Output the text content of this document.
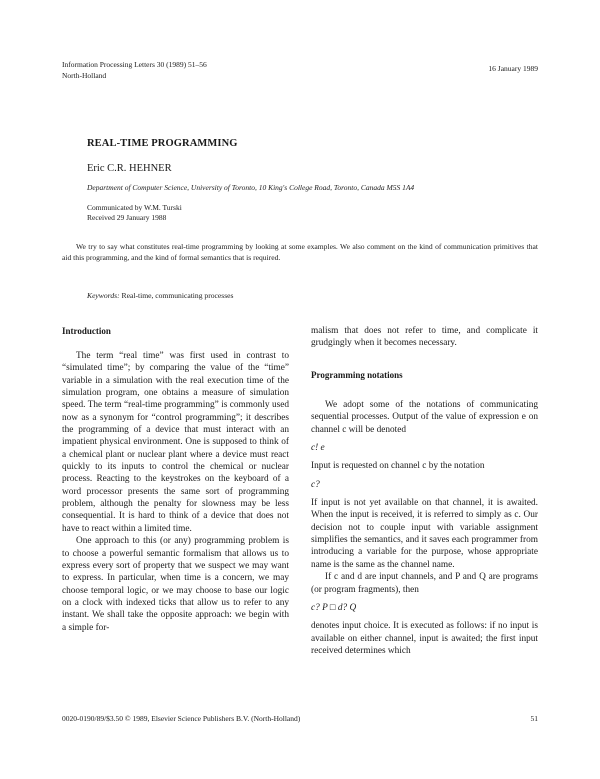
Information Processing Letters 30 (1989) 51–56
North-Holland
16 January 1989
REAL-TIME PROGRAMMING
Eric C.R. HEHNER
Department of Computer Science, University of Toronto, 10 King's College Road, Toronto, Canada M5S 1A4
Communicated by W.M. Turski
Received 29 January 1988
We try to say what constitutes real-time programming by looking at some examples. We also comment on the kind of communication primitives that aid this programming, and the kind of formal semantics that is required.
Keywords: Real-time, communicating processes
Introduction

The term “real time” was first used in contrast to “simulated time”; by comparing the value of the “time” variable in a simulation with the real execution time of the simulation program, one obtains a measure of simulation speed. The term “real-time programming” is commonly used now as a synonym for “control programming”; it describes the programming of a device that must interact with an impatient physical environment. One is supposed to think of a chemical plant or nuclear plant where a device must react quickly to its inputs to control the chemical or nuclear process. Reacting to the keystrokes on the keyboard of a word processor presents the same sort of programming problem, although the penalty for slowness may be less consequential. It is hard to think of a device that does not have to react within a limited time.

One approach to this (or any) programming problem is to choose a powerful semantic formalism that allows us to express every sort of property that we suspect we may want to express. In particular, when time is a concern, we may choose temporal logic, or we may choose to base our logic on a clock with indexed ticks that allow us to refer to any instant. We shall take the opposite approach: we begin with a simple for-

malism that does not refer to time, and complicate it grudgingly when it becomes necessary.

Programming notations

We adopt some of the notations of communicating sequential processes. Output of the value of expression e on channel c will be denoted

c! e

Input is requested on channel c by the notation

c?

If input is not yet available on that channel, it is awaited. When the input is received, it is referred to simply as c. Our decision not to couple input with variable assignment simplifies the semantics, and it saves each programmer from introducing a variable for the purpose, whose appropriate name is the same as the channel name.

If c and d are input channels, and P and Q are programs (or program fragments), then

c? P □ d? Q

denotes input choice. It is executed as follows: if no input is available on either channel, input is awaited; the first input received determines which

0020-0190/89/$3.50 © 1989, Elsevier Science Publishers B.V. (North-Holland)	51
